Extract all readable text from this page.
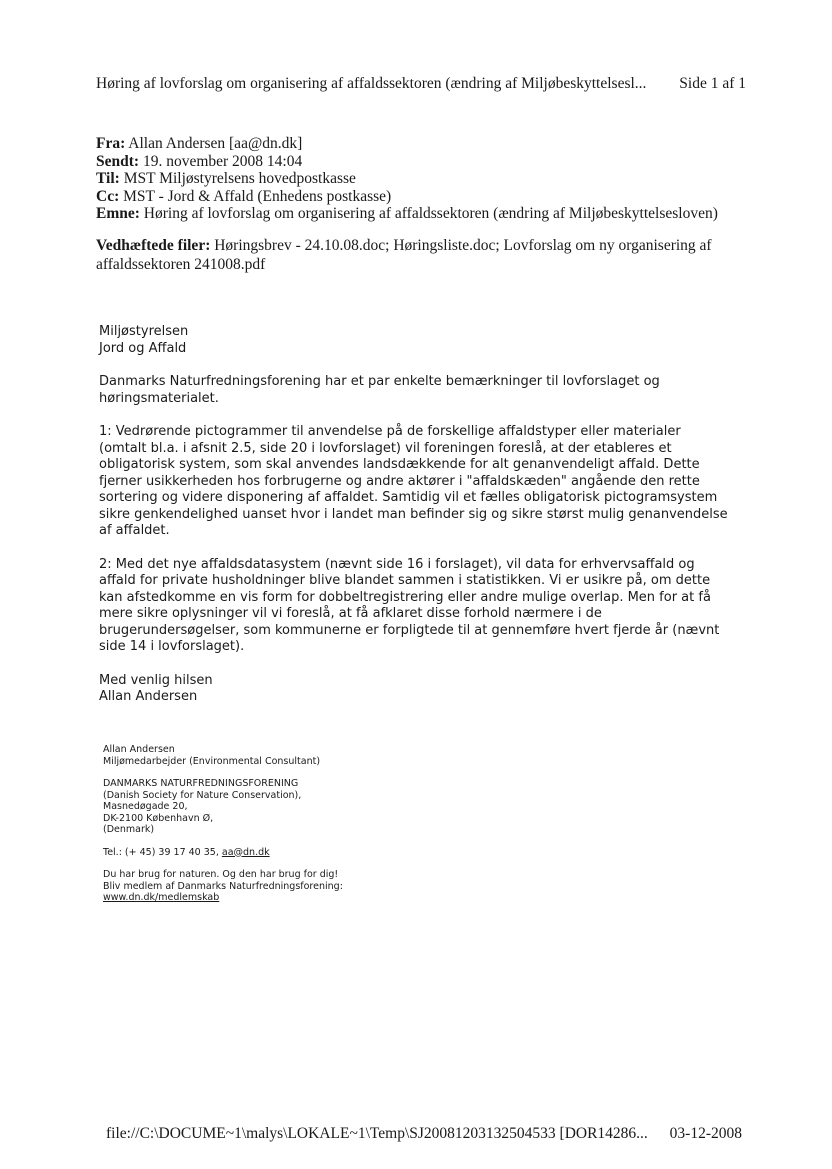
Høring af lovforslag om organisering af affaldssektoren (ændring af Miljøbeskyttelsesl... Side 1 af 1
Fra: Allan Andersen [aa@dn.dk]
Sendt: 19. november 2008 14:04
Til: MST Miljøstyrelsens hovedpostkasse
Cc: MST - Jord & Affald (Enhedens postkasse)
Emne: Høring af lovforslag om organisering af affaldssektoren (ændring af Miljøbeskyttelsesloven)
Vedhæftede filer: Høringsbrev - 24.10.08.doc; Høringsliste.doc; Lovforslag om ny organisering af
affaldssektoren 241008.pdf

Miljøstyrelsen

Jord og Affald

Danmarks Naturfredningsforening har et par enkelte bemærkninger til lovforslaget og

høringsmaterialet.

1: Vedrørende pictogrammer til anvendelse på de forskellige affaldstyper eller materialer

(omtalt bl.a. i afsnit 2.5, side 20 i lovforslaget) vil foreningen foreslå, at der etableres et

obligatorisk system, som skal anvendes landsdækkende for alt genanvendeligt affald. Dette

fjerner usikkerheden hos forbrugerne og andre aktører i "affaldskæden" angående den rette

sortering og videre disponering af affaldet. Samtidig vil et fælles obligatorisk pictogramsystem

sikre genkendelighed uanset hvor i landet man befinder sig og sikre størst mulig genanvendelse

af affaldet.

2: Med det nye affaldsdatasystem (nævnt side 16 i forslaget), vil data for erhvervsaffald og

affald for private husholdninger blive blandet sammen i statistikken. Vi er usikre på, om dette

kan afstedkomme en vis form for dobbeltregistrering eller andre mulige overlap. Men for at få

mere sikre oplysninger vil vi foreslå, at få afklaret disse forhold nærmere i de

brugerundersøgelser, som kommunerne er forpligtede til at gennemføre hvert fjerde år (nævnt

side 14 i lovforslaget).

Med venlig hilsen

Allan Andersen

Allan Andersen
Miljømedarbejder (Environmental Consultant)
DANMARKS NATURFREDNINGSFORENING
(Danish Society for Nature Conservation),
Masnedøgade 20,
DK-2100 København Ø,
(Denmark)
Tel.: (+ 45) 39 17 40 35, aa@dn.dk
Du har brug for naturen. Og den har brug for dig!
Bliv medlem af Danmarks Naturfredningsforening:
www.dn.dk/medlemskab
file://C:\DOCUME~1\malys\LOKALE~1\Temp\SJ20081203132504533 [DOR14286... 03-12-2008
